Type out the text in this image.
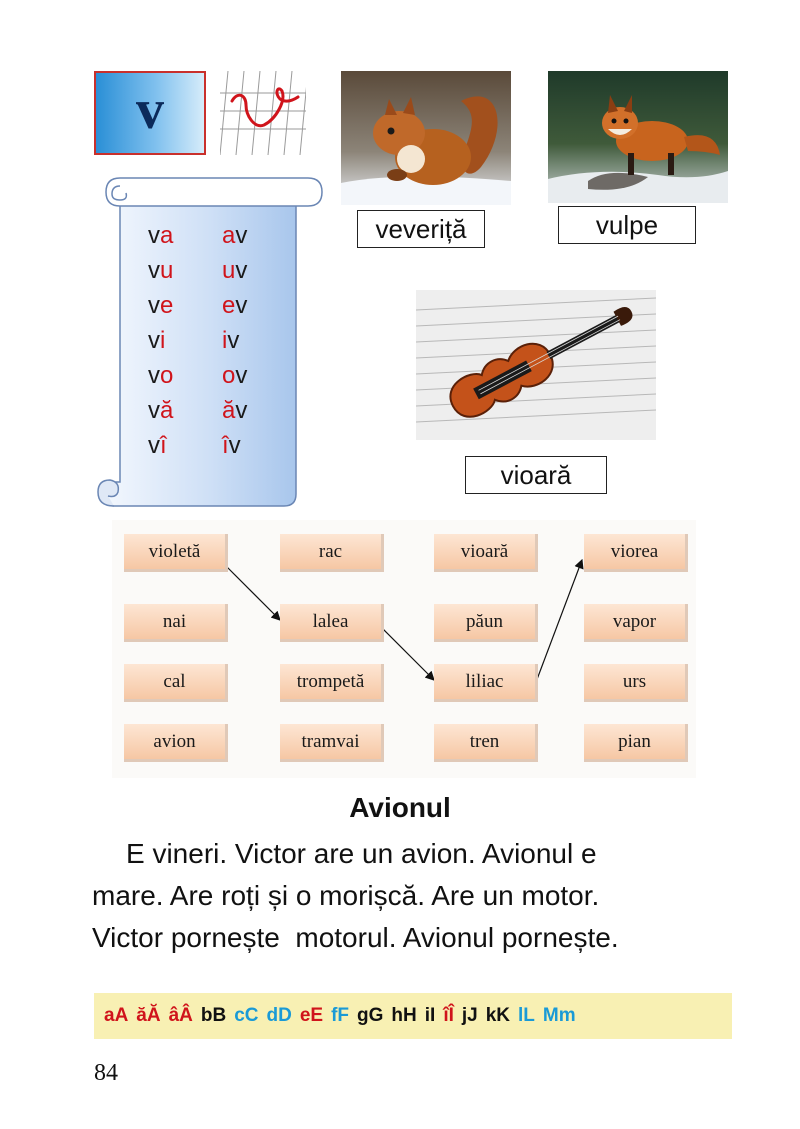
v
va av
vu uv
ve ev
vi iv
vo ov
vă ăv
vî îv
veveriță	vulpe
vioară
violetă	rac	vioară	viorea
nai	lalea	păun	vapor
cal	trompetă	liliac	urs
avion	tramvai	tren	pian
Avionul
E vineri. Victor are un avion. Avionul e
mare. Are roți și o morișcă. Are un motor.
Victor pornește  motorul. Avionul pornește.
aA ăĂ âÂ bB cC dD eE fF gG hH iI îÎ jJ kK lL Mm
84
